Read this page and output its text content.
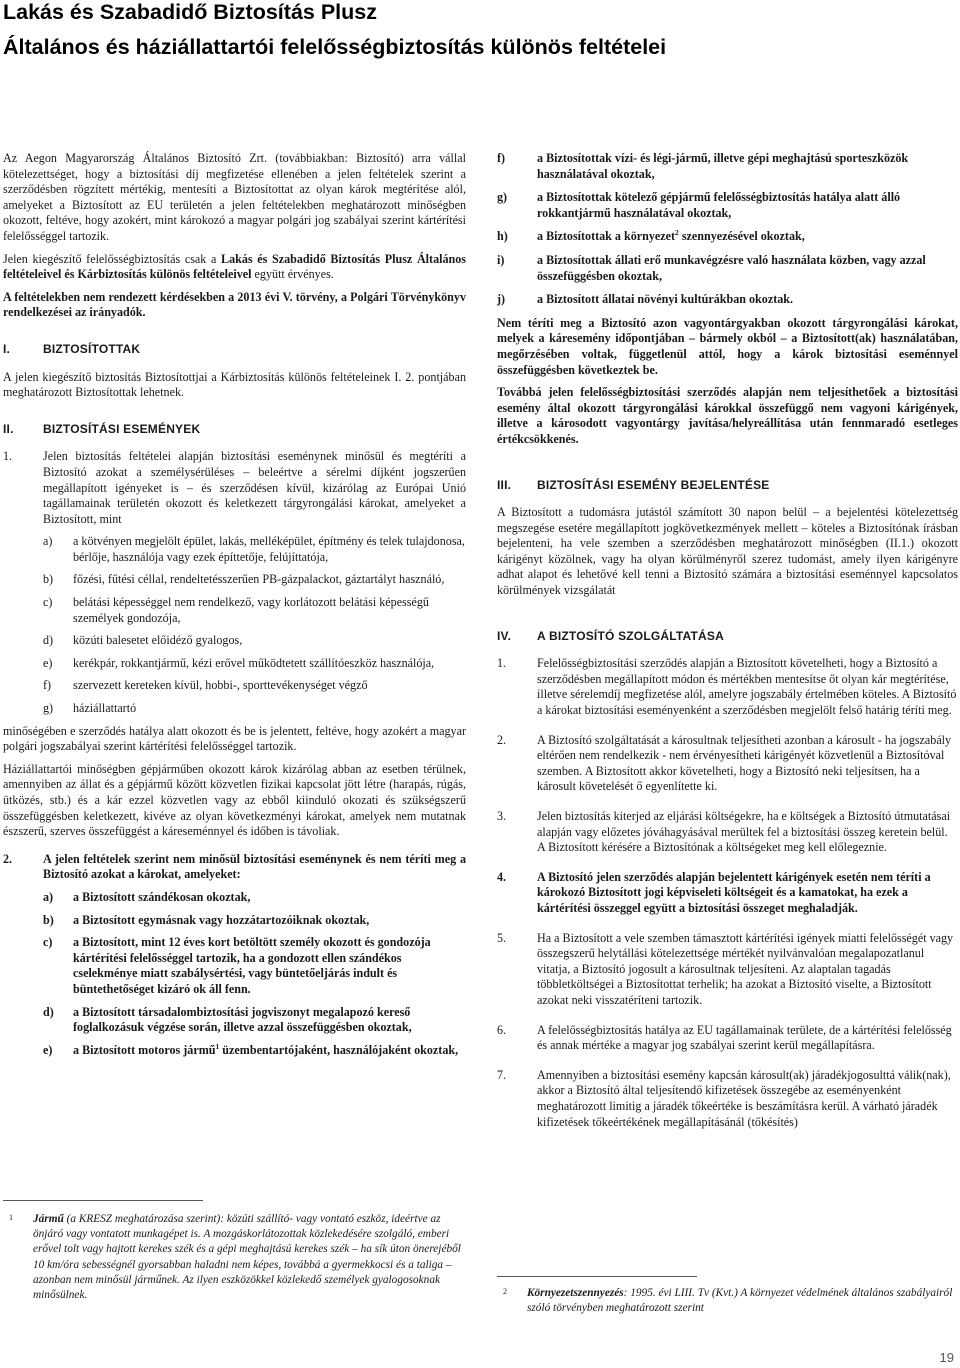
Lakás és Szabadidő Biztosítás Plusz
Általános és háziállattartói felelősségbiztosítás különös feltételei

Az Aegon Magyarország Általános Biztosító Zrt. (továbbiakban: Biztosító) arra vállal kötelezettséget, hogy a biztosítási díj megfizetése ellenében a jelen feltételek szerint a szerződésben rögzített mértékig, mentesíti a Biztosítottat az olyan károk megtérítése alól, amelyeket a Biztosított az EU területén a jelen feltételekben meghatározott minőségben okozott, feltéve, hogy azokért, mint károkozó a magyar polgári jog szabályai szerint kártérítési felelősséggel tartozik.

Jelen kiegészítő felelősségbiztosítás csak a Lakás és Szabadidő Biztosítás Plusz Általános feltételeivel és Kárbiztosítás különös feltételeivel együtt érvényes.

A feltételekben nem rendezett kérdésekben a 2013 évi V. törvény, a Polgári Törvénykönyv rendelkezései az irányadók.

I.	BIZTOSÍTOTTAK

A jelen kiegészítő biztosítás Biztosítottjai a Kárbiztosítás különös feltételeinek I. 2. pontjában meghatározott Biztosítottak lehetnek.

II.	BIZTOSÍTÁSI ESEMÉNYEK
1.	Jelen biztosítás feltételei alapján biztosítási eseménynek minősül és megtéríti a Biztosító azokat a személysérüléses – beleértve a sérelmi díjként jogszerűen megállapított igényeket is – és szerződésen kívül, kizárólag az Európai Unió tagállamainak területén okozott és keletkezett tárgyrongálási károkat, amelyeket a Biztosított, mint
a)	a kötvényen megjelölt épület, lakás, melléképület, építmény és telek tulajdonosa, bérlője, használója vagy ezek építtetője, felújíttatója,
b)	főzési, fűtési céllal, rendeltetésszerűen PB-gázpalackot, gáztartályt használó,
c)	belátási képességgel nem rendelkező, vagy korlátozott belátási képességű személyek gondozója,
d)	közúti balesetet előidéző gyalogos,
e)	kerékpár, rokkantjármű, kézi erővel működtetett szállítóeszköz használója,
f)	szervezett kereteken kívül, hobbi-, sporttevékenységet végző
g)	háziállattartó

minőségében e szerződés hatálya alatt okozott és be is jelentett, feltéve, hogy azokért a magyar polgári jogszabályai szerint kártérítési felelősséggel tartozik.

Háziállattartói minőségben gépjárműben okozott károk kizárólag abban az esetben térülnek, amennyiben az állat és a gépjármű között közvetlen fizikai kapcsolat jött létre (harapás, rúgás, ütközés, stb.) és a kár ezzel közvetlen vagy az ebből kiinduló okozati és szükségszerű összefüggésben keletkezett, kivéve az olyan következményi károkat, amelyek nem mutatnak észszerű, szerves összefüggést a káreseménnyel és időben is távoliak.

2.	A jelen feltételek szerint nem minősül biztosítási eseménynek és nem téríti meg a Biztosító azokat a károkat, amelyeket:
a)	a Biztosított szándékosan okoztak,
b)	a Biztosított egymásnak vagy hozzátartozóiknak okoztak,
c)	a Biztosított, mint 12 éves kort betöltött személy okozott és gondozója kártérítési felelősséggel tartozik, ha a gondozott ellen szándékos cselekménye miatt szabálysértési, vagy büntetőeljárás indult és büntethetőséget kizáró ok áll fenn.
d)	a Biztosított társadalombiztosítási jogviszonyt megalapozó kereső foglalkozásuk végzése során, illetve azzal összefüggésben okoztak,
e)	a Biztosított motoros jármű$^1$ üzembentartójaként, használójaként okoztak,
f)	a Biztosítottak vízi- és légi-jármű, illetve gépi meghajtású sporteszközök használatával okoztak,
g)	a Biztosítottak kötelező gépjármű felelősségbiztosítás hatálya alatt álló rokkantjármű használatával okoztak,
h)	a Biztosítottak a környezet$^2$ szennyezésével okoztak,
i)	a Biztosítottak állati erő munkavégzésre való használata közben, vagy azzal összefüggésben okoztak,
j)	a Biztosított állatai növényi kultúrákban okoztak.

Nem téríti meg a Biztosító azon vagyontárgyakban okozott tárgyrongálási károkat, melyek a káresemény időpontjában – bármely okból – a Biztosított(ak) használatában, megőrzésében voltak, függetlenül attól, hogy a károk biztosítási eseménnyel összefüggésben következtek be.

Továbbá jelen felelősségbiztosítási szerződés alapján nem teljesíthetőek a biztosítási esemény által okozott tárgyrongálási károkkal összefüggő nem vagyoni kárigények, illetve a károsodott vagyontárgy javítása/helyreállítása után fennmaradó esetleges értékcsökkenés.

III.	BIZTOSÍTÁSI ESEMÉNY BEJELENTÉSE

A Biztosított a tudomásra jutástól számított 30 napon belül – a bejelentési kötelezettség megszegése esetére megállapított jogkövetkezmények mellett – köteles a Biztosítónak írásban bejelenteni, ha vele szemben a szerződésben meghatározott minőségben (II.1.) okozott kárigényt közölnek, vagy ha olyan körülményről szerez tudomást, amely ilyen kárigényre adhat alapot és lehetővé kell tenni a Biztosító számára a biztosítási eseménnyel kapcsolatos körülmények vizsgálatát

IV.	A BIZTOSÍTÓ SZOLGÁLTATÁSA
1.	Felelősségbiztosítási szerződés alapján a Biztosított követelheti, hogy a Biztosító a szerződésben megállapított módon és mértékben mentesítse őt olyan kár megtérítése, illetve sérelemdíj megfizetése alól, amelyre jogszabály értelmében köteles. A Biztosító a károkat biztosítási eseményenként a szerződésben megjelölt felső határig téríti meg.
2.	A Biztosító szolgáltatását a károsultnak teljesítheti azonban a károsult - ha jogszabály eltérően nem rendelkezik - nem érvényesítheti kárigényét közvetlenül a Biztosítóval szemben. A Biztosított akkor követelheti, hogy a Biztosító neki teljesítsen, ha a károsult követelését ő egyenlítette ki.
3.	Jelen biztosítás kiterjed az eljárási költségekre, ha e költségek a Biztosító útmutatásai alapján vagy előzetes jóváhagyásával merültek fel a biztosítási összeg keretein belül. A Biztosított kérésére a Biztosítónak a költségeket meg kell előlegeznie.
4.	A Biztosító jelen szerződés alapján bejelentett kárigények esetén nem téríti a károkozó Biztosított jogi képviseleti költségeit és a kamatokat, ha ezek a kártérítési összeggel együtt a biztosítási összeget meghaladják.
5.	Ha a Biztosított a vele szemben támasztott kártérítési igények miatti felelősségét vagy összegszerű helytállási kötelezettsége mértékét nyilvánvalóan megalapozatlanul vitatja, a Biztosító jogosult a károsultnak teljesíteni. Az alaptalan tagadás többletköltségei a Biztosítottat terhelik; ha azokat a Biztosító viselte, a Biztosított azokat neki visszatéríteni tartozik.
6.	A felelősségbiztosítás hatálya az EU tagállamainak területe, de a kártérítési felelősség és annak mértéke a magyar jog szabályai szerint kerül megállapításra.
7.	Amennyiben a biztosítási esemény kapcsán károsult(ak) járadékjogosulttá válik(nak), akkor a Biztosító által teljesítendő kifizetések összegébe az eseményenként meghatározott limitig a járadék tőkeértéke is beszámításra kerül. A várható járadék kifizetések tőkeértékének megállapításánál (tőkésítés)
1 Jármű (a KRESZ meghatározása szerint): közúti szállító- vagy vontató eszköz, ideértve az önjáró vagy vontatott munkagépet is. A mozgáskorlátozottak közlekedésére szolgáló, emberi erővel tolt vagy hajtott kerekes szék és a gépi meghajtású kerekes szék – ha sík úton önerejéből 10 km/óra sebességnél gyorsabban haladni nem képes, továbbá a gyermekkocsi és a taliga – azonban nem minősül járműnek. Az ilyen eszközökkel közlekedő személyek gyalogosoknak minősülnek.	2 Környezetszennyezés: 1995. évi LIII. Tv (Kvt.) A környezet védelmének általános szabályairól szóló törvényben meghatározott szerint
19
